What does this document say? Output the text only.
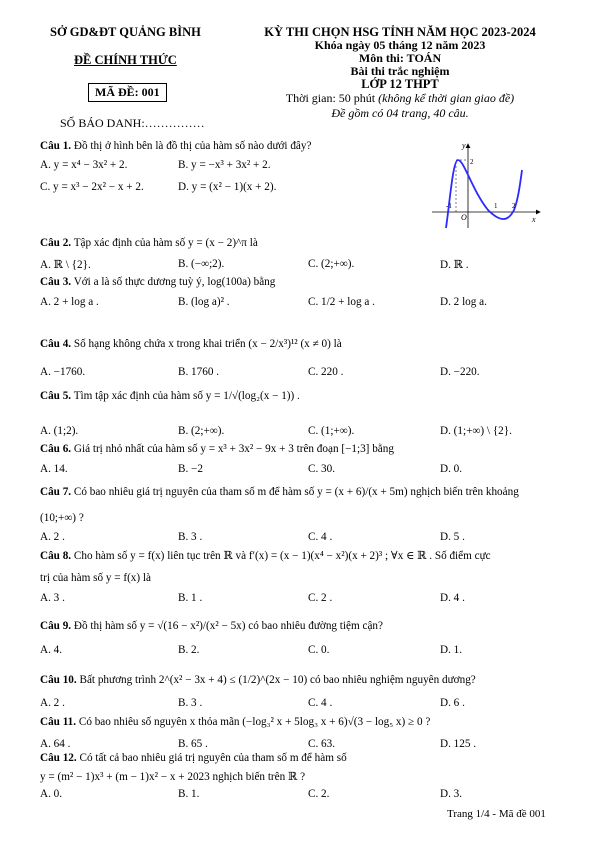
SỞ GD&ĐT QUẢNG BÌNH
ĐỀ CHÍNH THỨC
MÃ ĐỀ: 001
SỐ BÁO DANH:……………
KỲ THI CHỌN HSG TỈNH NĂM HỌC 2023-2024
Khóa ngày 05 tháng 12 năm 2023
Môn thi: TOÁN
Bài thi trắc nghiệm
LỚP 12 THPT
Thời gian: 50 phút (không kể thời gian giao đề)
Đề gồm có 04 trang, 40 câu.
y
x
O
-1	1 2
2
Câu 1. Đồ thị ở hình bên là đồ thị của hàm số nào dưới đây?
A. y = x⁴ − 3x² + 2.	B. y = −x³ + 3x² + 2.
C. y = x³ − 2x² − x + 2.	D. y = (x² − 1)(x + 2).
Câu 2. Tập xác định của hàm số y = (x − 2)^π là
A. ℝ \ {2}.	B. (−∞;2).	C. (2;+∞).	D. ℝ .
Câu 3. Với a là số thực dương tuỳ ý, log(100a) bằng
A. 2 + log a .	B. (log a)² .	C. 1/2 + log a .	D. 2 log a.
Câu 4. Số hạng không chứa x trong khai triển (x − 2/x³)¹² (x ≠ 0) là
A. −1760.	B. 1760 .	C. 220 .	D. −220.
Câu 5. Tìm tập xác định của hàm số y = 1/√(log₂(x − 1)) .
A. (1;2).	B. (2;+∞).	C. (1;+∞).	D. (1;+∞) \ {2}.
Câu 6. Giá trị nhỏ nhất của hàm số y = x³ + 3x² − 9x + 3 trên đoạn [−1;3] bằng
A. 14.	B. −2	C. 30.	D. 0.
Câu 7. Có bao nhiêu giá trị nguyên của tham số m để hàm số y = (x + 6)/(x + 5m) nghịch biến trên khoảng
(10;+∞) ?
A. 2 .	B. 3 .	C. 4 .	D. 5 .
Câu 8. Cho hàm số y = f(x) liên tục trên ℝ và f′(x) = (x − 1)(x⁴ − x²)(x + 2)³ ; ∀x ∈ ℝ . Số điểm cực
trị của hàm số y = f(x) là
A. 3 .	B. 1 .	C. 2 .	D. 4 .
Câu 9. Đồ thị hàm số y = √(16 − x²)/(x² − 5x) có bao nhiêu đường tiệm cận?
A. 4.	B. 2.	C. 0.	D. 1.
Câu 10. Bất phương trình 2^(x² − 3x + 4) ≤ (1/2)^(2x − 10) có bao nhiêu nghiệm nguyên dương?
A. 2 .	B. 3 .	C. 4 .	D. 6 .
Câu 11. Có bao nhiêu số nguyên x thỏa mãn (−log₃² x + 5log₃ x + 6)√(3 − log₅ x) ≥ 0 ?
A. 64 .	B. 65 .	C. 63.	D. 125 .
Câu 12. Có tất cả bao nhiêu giá trị nguyên của tham số m để hàm số
y = (m² − 1)x³ + (m − 1)x² − x + 2023 nghịch biến trên ℝ ?
A. 0.	B. 1.	C. 2.	D. 3.
Trang 1/4 - Mã đề 001
